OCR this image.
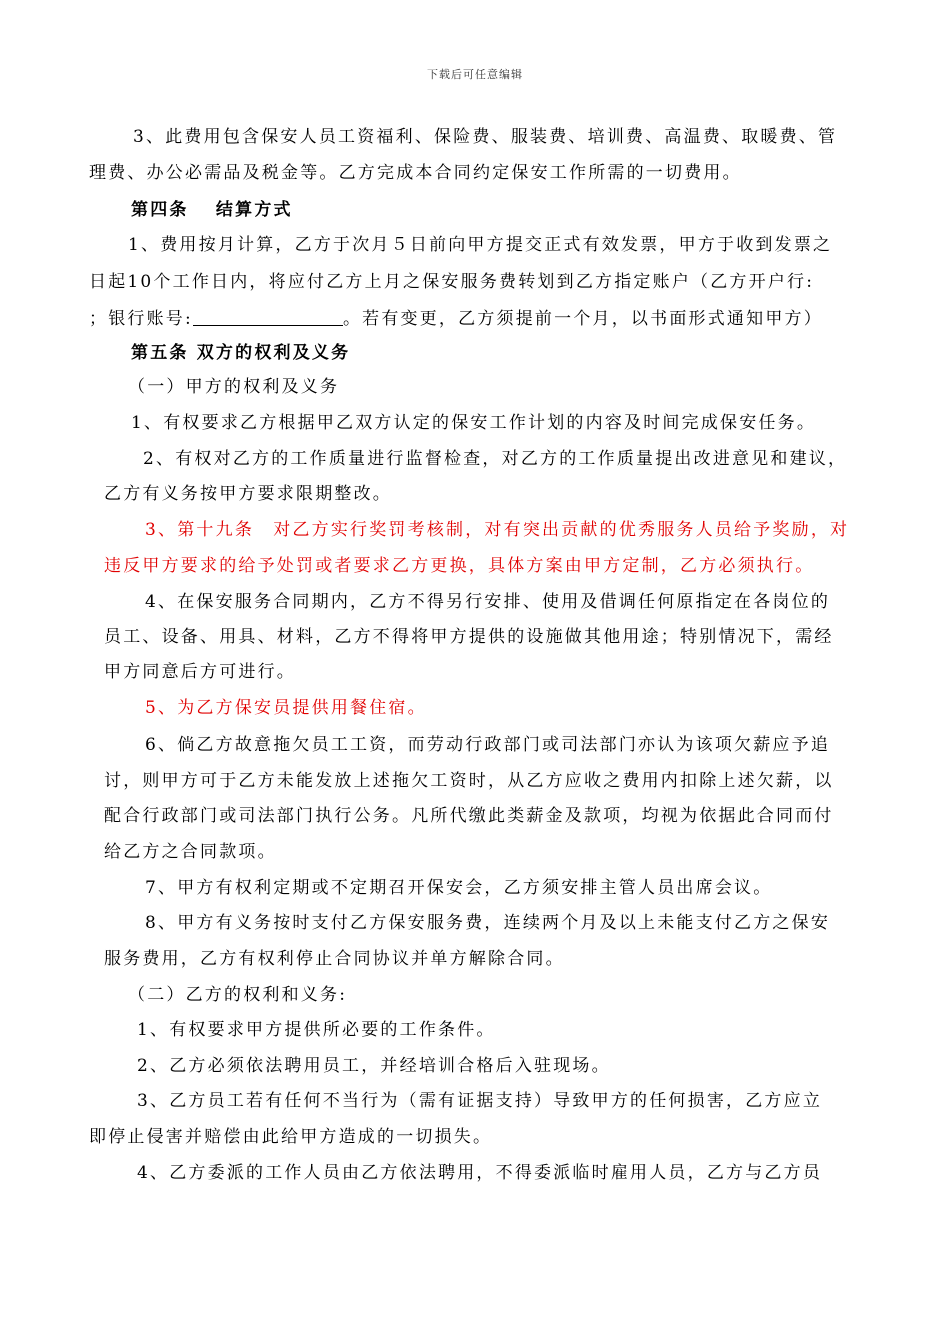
下载后可任意编辑
3、此费用包含保安人员工资福利、保险费、服装费、培训费、高温费、取暖费、管
理费、办公必需品及税金等。乙方完成本合同约定保安工作所需的一切费用。
第四条　 结算方式
1、费用按月计算，乙方于次月５日前向甲方提交正式有效发票，甲方于收到发票之
日起10个工作日内，将应付乙方上月之保安服务费转划到乙方指定账户（乙方开户行:
；银行账号:	。若有变更，乙方须提前一个月，以书面形式通知甲方）
第五条 双方的权利及义务
（一）甲方的权利及义务
1、有权要求乙方根据甲乙双方认定的保安工作计划的内容及时间完成保安任务。
2、有权对乙方的工作质量进行监督检查，对乙方的工作质量提出改进意见和建议，
乙方有义务按甲方要求限期整改。
3、第十九条　对乙方实行奖罚考核制，对有突出贡献的优秀服务人员给予奖励，对
违反甲方要求的给予处罚或者要求乙方更换，具体方案由甲方定制，乙方必须执行。
4、在保安服务合同期内，乙方不得另行安排、使用及借调任何原指定在各岗位的
员工、设备、用具、材料，乙方不得将甲方提供的设施做其他用途；特别情况下，需经
甲方同意后方可进行。
5、为乙方保安员提供用餐住宿。
6、倘乙方故意拖欠员工工资，而劳动行政部门或司法部门亦认为该项欠薪应予追
讨，则甲方可于乙方未能发放上述拖欠工资时，从乙方应收之费用内扣除上述欠薪，以
配合行政部门或司法部门执行公务。凡所代缴此类薪金及款项，均视为依据此合同而付
给乙方之合同款项。
7、甲方有权利定期或不定期召开保安会，乙方须安排主管人员出席会议。
8、甲方有义务按时支付乙方保安服务费，连续两个月及以上未能支付乙方之保安
服务费用，乙方有权利停止合同协议并单方解除合同。
（二）乙方的权利和义务:
1、有权要求甲方提供所必要的工作条件。
2、乙方必须依法聘用员工，并经培训合格后入驻现场。
3、乙方员工若有任何不当行为（需有证据支持）导致甲方的任何损害，乙方应立
即停止侵害并赔偿由此给甲方造成的一切损失。
4、乙方委派的工作人员由乙方依法聘用，不得委派临时雇用人员，乙方与乙方员
